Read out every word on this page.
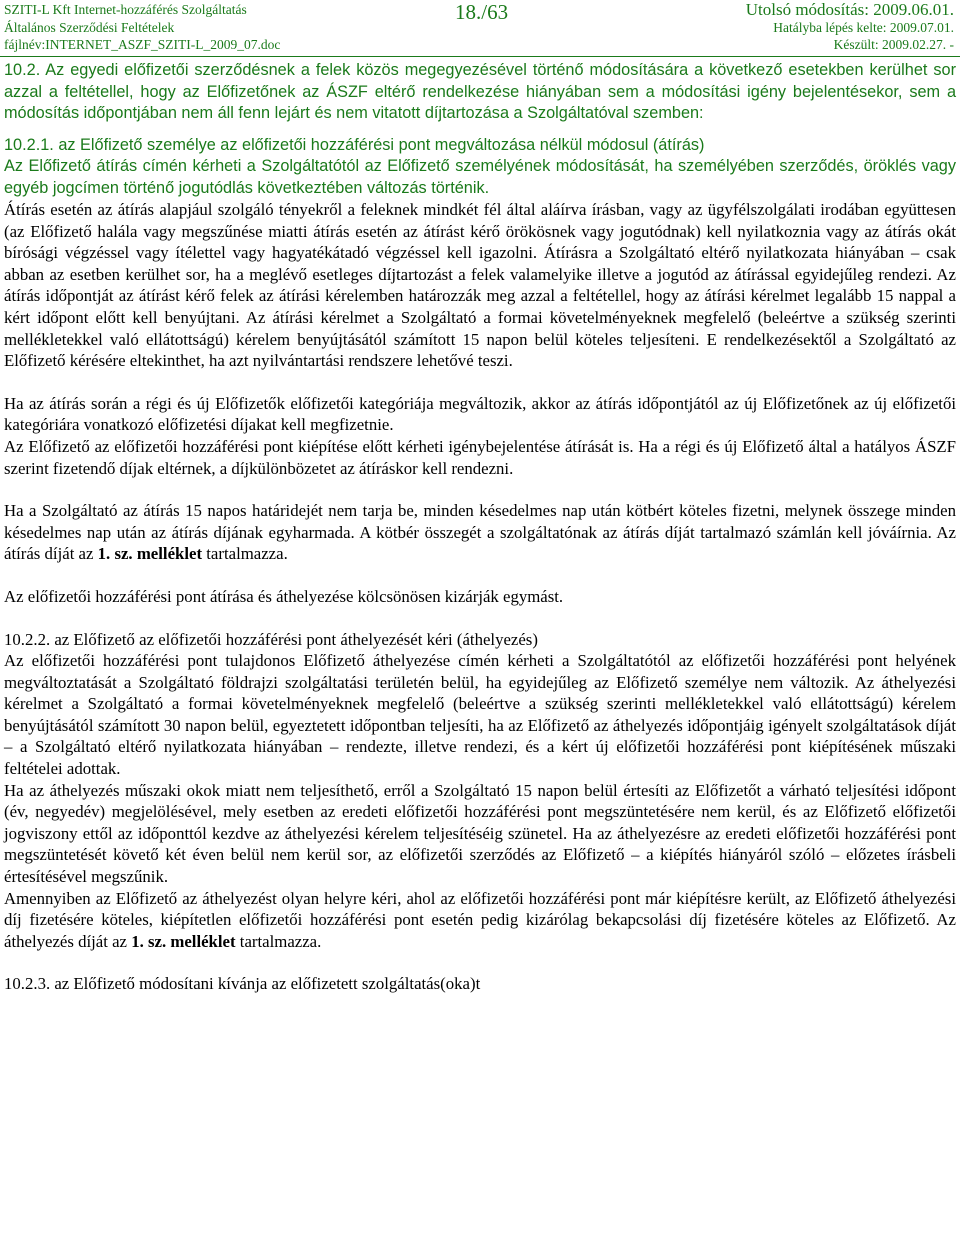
SZITI-L Kft Internet-hozzáférés Szolgáltatás
Általános Szerződési Feltételek
fájlnév:INTERNET_ASZF_SZITI-L_2009_07.doc
18./63	Utolsó módosítás: 2009.06.01.
Hatályba lépés kelte: 2009.07.01.
Készült: 2009.02.27. -

10.2. Az egyedi előfizetői szerződésnek a felek közös megegyezésével történő módosítására a következő esetekben kerülhet sor azzal a feltétellel, hogy az Előfizetőnek az ÁSZF eltérő rendelkezése hiányában sem a módosítási igény bejelentésekor, sem a módosítás időpontjában nem áll fenn lejárt és nem vitatott díjtartozása a Szolgáltatóval szemben:

10.2.1. az Előfizető személye az előfizetői hozzáférési pont megváltozása nélkül módosul (átírás)

Az Előfizető átírás címén kérheti a Szolgáltatótól az Előfizető személyének módosítását, ha személyében szerződés, öröklés vagy egyéb jogcímen történő jogutódlás következtében változás történik.

Átírás esetén az átírás alapjául szolgáló tényekről a feleknek mindkét fél által aláírva írásban, vagy az ügyfélszolgálati irodában együttesen (az Előfizető halála vagy megszűnése miatti átírás esetén az átírást kérő örökösnek vagy jogutódnak) kell nyilatkoznia vagy az átírás okát bírósági végzéssel vagy ítélettel vagy hagyatékátadó végzéssel kell igazolni. Átírásra a Szolgáltató eltérő nyilatkozata hiányában – csak abban az esetben kerülhet sor, ha a meglévő esetleges díjtartozást a felek valamelyike illetve a jogutód az átírással egyidejűleg rendezi. Az átírás időpontját az átírást kérő felek az átírási kérelemben határozzák meg azzal a feltétellel, hogy az átírási kérelmet legalább 15 nappal a kért időpont előtt kell benyújtani. Az átírási kérelmet a Szolgáltató a formai követelményeknek megfelelő (beleértve a szükség szerinti mellékletekkel való ellátottságú) kérelem benyújtásától számított 15 napon belül köteles teljesíteni. E rendelkezésektől a Szolgáltató az Előfizető kérésére eltekinthet, ha azt nyilvántartási rendszere lehetővé teszi.

Ha az átírás során a régi és új Előfizetők előfizetői kategóriája megváltozik, akkor az átírás időpontjától az új Előfizetőnek az új előfizetői kategóriára vonatkozó előfizetési díjakat kell megfizetnie.

Az Előfizető az előfizetői hozzáférési pont kiépítése előtt kérheti igénybejelentése átírását is. Ha a régi és új Előfizető által a hatályos ÁSZF szerint fizetendő díjak eltérnek, a díjkülönbözetet az átíráskor kell rendezni.

Ha a Szolgáltató az átírás 15 napos határidejét nem tarja be, minden késedelmes nap után kötbért köteles fizetni, melynek összege minden késedelmes nap után az átírás díjának egyharmada. A kötbér összegét a szolgáltatónak az átírás díját tartalmazó számlán kell jóváírnia. Az átírás díját az 1. sz. melléklet tartalmazza.

Az előfizetői hozzáférési pont átírása és áthelyezése kölcsönösen kizárják egymást.

10.2.2. az Előfizető az előfizetői hozzáférési pont áthelyezését kéri (áthelyezés)

Az előfizetői hozzáférési pont tulajdonos Előfizető áthelyezése címén kérheti a Szolgáltatótól az előfizetői hozzáférési pont helyének megváltoztatását a Szolgáltató földrajzi szolgáltatási területén belül, ha egyidejűleg az Előfizető személye nem változik. Az áthelyezési kérelmet a Szolgáltató a formai követelményeknek megfelelő (beleértve a szükség szerinti mellékletekkel való ellátottságú) kérelem benyújtásától számított 30 napon belül, egyeztetett időpontban teljesíti, ha az Előfizető az áthelyezés időpontjáig igényelt szolgáltatások díját – a Szolgáltató eltérő nyilatkozata hiányában – rendezte, illetve rendezi, és a kért új előfizetői hozzáférési pont kiépítésének műszaki feltételei adottak.

Ha az áthelyezés műszaki okok miatt nem teljesíthető, erről a Szolgáltató 15 napon belül értesíti az Előfizetőt a várható teljesítési időpont (év, negyedév) megjelölésével, mely esetben az eredeti előfizetői hozzáférési pont megszüntetésére nem kerül, és az Előfizető előfizetői jogviszony ettől az időponttól kezdve az áthelyezési kérelem teljesítéséig szünetel. Ha az áthelyezésre az eredeti előfizetői hozzáférési pont megszüntetését követő két éven belül nem kerül sor, az előfizetői szerződés az Előfizető – a kiépítés hiányáról szóló – előzetes írásbeli értesítésével megszűnik.

Amennyiben az Előfizető az áthelyezést olyan helyre kéri, ahol az előfizetői hozzáférési pont már kiépítésre került, az Előfizető áthelyezési díj fizetésére köteles, kiépítetlen előfizetői hozzáférési pont esetén pedig kizárólag bekapcsolási díj fizetésére köteles az Előfizető. Az áthelyezés díját az 1. sz. melléklet tartalmazza.

10.2.3. az Előfizető módosítani kívánja az előfizetett szolgáltatás(oka)t
